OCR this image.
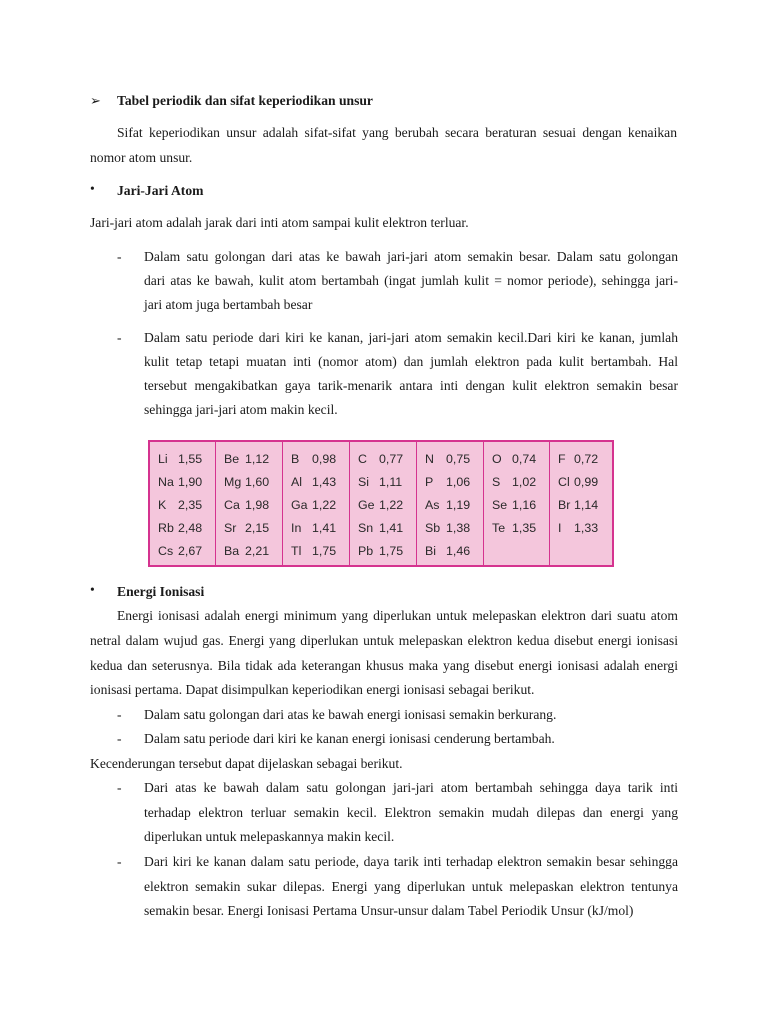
➢ Tabel periodik dan sifat keperiodikan unsur
Sifat keperiodikan unsur adalah sifat-sifat yang berubah secara beraturan sesuai dengan kenaikan
nomor atom unsur.
• Jari-Jari Atom
Jari-jari atom adalah jarak dari inti atom sampai kulit elektron terluar.
- Dalam satu golongan dari atas ke bawah jari-jari atom semakin besar. Dalam satu golongan
dari atas ke bawah, kulit atom bertambah (ingat jumlah kulit = nomor periode), sehingga jari-
jari atom juga bertambah besar
- Dalam satu periode dari kiri ke kanan, jari-jari atom semakin kecil.Dari kiri ke kanan, jumlah
kulit tetap tetapi muatan inti (nomor atom) dan jumlah elektron pada kulit bertambah. Hal
tersebut mengakibatkan gaya tarik-menarik antara inti dengan kulit elektron semakin besar
sehingga jari-jari atom makin kecil.
Li 1,55
Na 1,90
K 2,35
Rb 2,48
Cs 2,67
Be 1,12
Mg 1,60
Ca 1,98
Sr 2,15
Ba 2,21
B 0,98
Al 1,43
Ga 1,22
In 1,41
Tl 1,75
C 0,77
Si 1,11
Ge 1,22
Sn 1,41
Pb 1,75
N 0,75
P 1,06
As 1,19
Sb 1,38
Bi 1,46
O 0,74
S 1,02
Se 1,16
Te 1,35
F 0,72
Cl 0,99
Br 1,14
I 1,33
• Energi Ionisasi
Energi ionisasi adalah energi minimum yang diperlukan untuk melepaskan elektron dari suatu atom
netral dalam wujud gas. Energi yang diperlukan untuk melepaskan elektron kedua disebut energi ionisasi
kedua dan seterusnya. Bila tidak ada keterangan khusus maka yang disebut energi ionisasi adalah energi
ionisasi pertama. Dapat disimpulkan keperiodikan energi ionisasi sebagai berikut.
- Dalam satu golongan dari atas ke bawah energi ionisasi semakin berkurang.
- Dalam satu periode dari kiri ke kanan energi ionisasi cenderung bertambah.
Kecenderungan tersebut dapat dijelaskan sebagai berikut.
- Dari atas ke bawah dalam satu golongan jari-jari atom bertambah sehingga daya tarik inti
terhadap elektron terluar semakin kecil. Elektron semakin mudah dilepas dan energi yang
diperlukan untuk melepaskannya makin kecil.
- Dari kiri ke kanan dalam satu periode, daya tarik inti terhadap elektron semakin besar sehingga
elektron semakin sukar dilepas. Energi yang diperlukan untuk melepaskan elektron tentunya
semakin besar. Energi Ionisasi Pertama Unsur-unsur dalam Tabel Periodik Unsur (kJ/mol)
